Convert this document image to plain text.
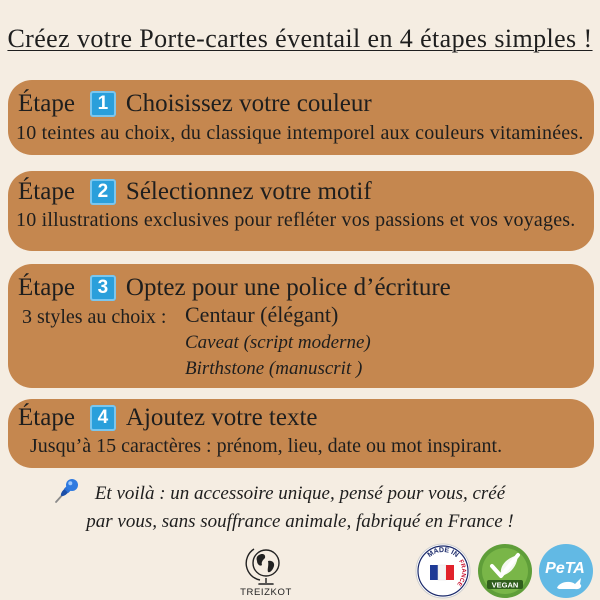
Créez votre Porte-cartes éventail en 4 étapes simples !
Étape	1 Choisissez votre couleur
10 teintes au choix, du classique intemporel aux couleurs vitaminées.
Étape	2 Sélectionnez votre motif
10 illustrations exclusives pour refléter vos passions et vos voyages.
Étape	3 Optez pour une police d’écriture
3 styles au choix : Centaur (élégant)
Caveat (script moderne)
Birthstone (manuscrit )
Étape	4 Ajoutez votre texte
Jusqu’à 15 caractères : prénom, lieu, date ou mot inspirant.
Et voilà : un accessoire unique, pensé pour vous, créé
par vous, sans souffrance animale, fabriqué en France !
TREIZKOT
MADE IN
FRANCE	VEGAN
PeTA
